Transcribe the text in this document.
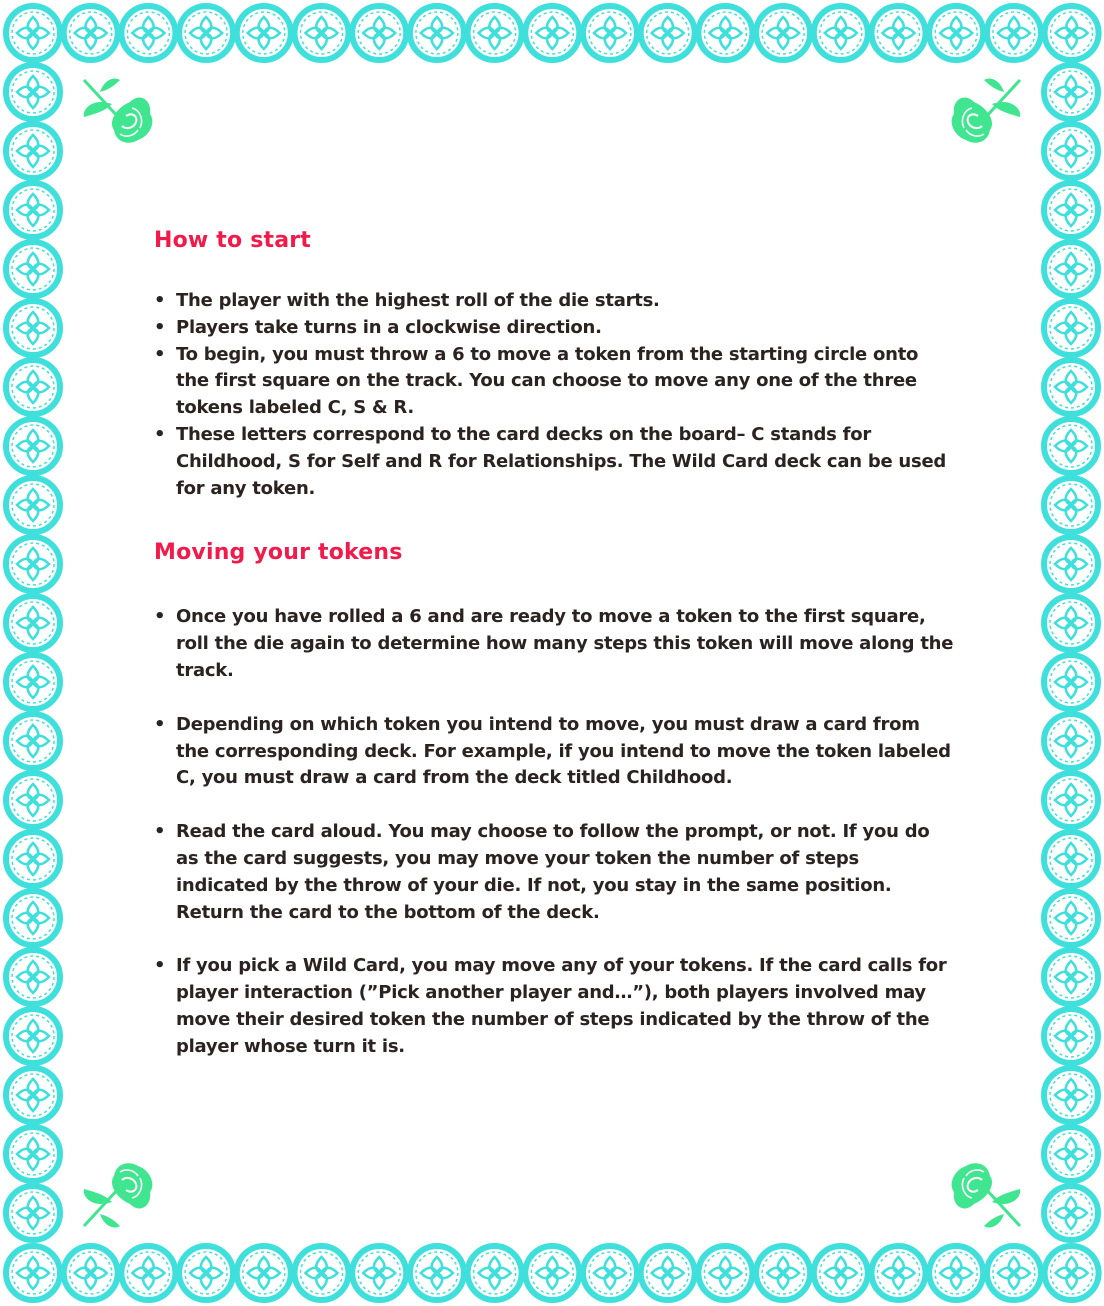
How to start
• The player with the highest roll of the die starts.
• Players take turns in a clockwise direction.
• To begin, you must throw a 6 to move a token from the starting circle onto the first square on the track. You can choose to move any one of the three tokens labeled C, S & R.
• These letters correspond to the card decks on the board– C stands for Childhood, S for Self and R for Relationships. The Wild Card deck can be used for any token.
Moving your tokens
• Once you have rolled a 6 and are ready to move a token to the first square, roll the die again to determine how many steps this token will move along the track.
• Depending on which token you intend to move, you must draw a card from the corresponding deck. For example, if you intend to move the token labeled C, you must draw a card from the deck titled Childhood.
• Read the card aloud. You may choose to follow the prompt, or not. If you do as the card suggests, you may move your token the number of steps indicated by the throw of your die. If not, you stay in the same position. Return the card to the bottom of the deck.
• If you pick a Wild Card, you may move any of your tokens. If the card calls for player interaction (”Pick another player and…”), both players involved may move their desired token the number of steps indicated by the throw of the player whose turn it is.
